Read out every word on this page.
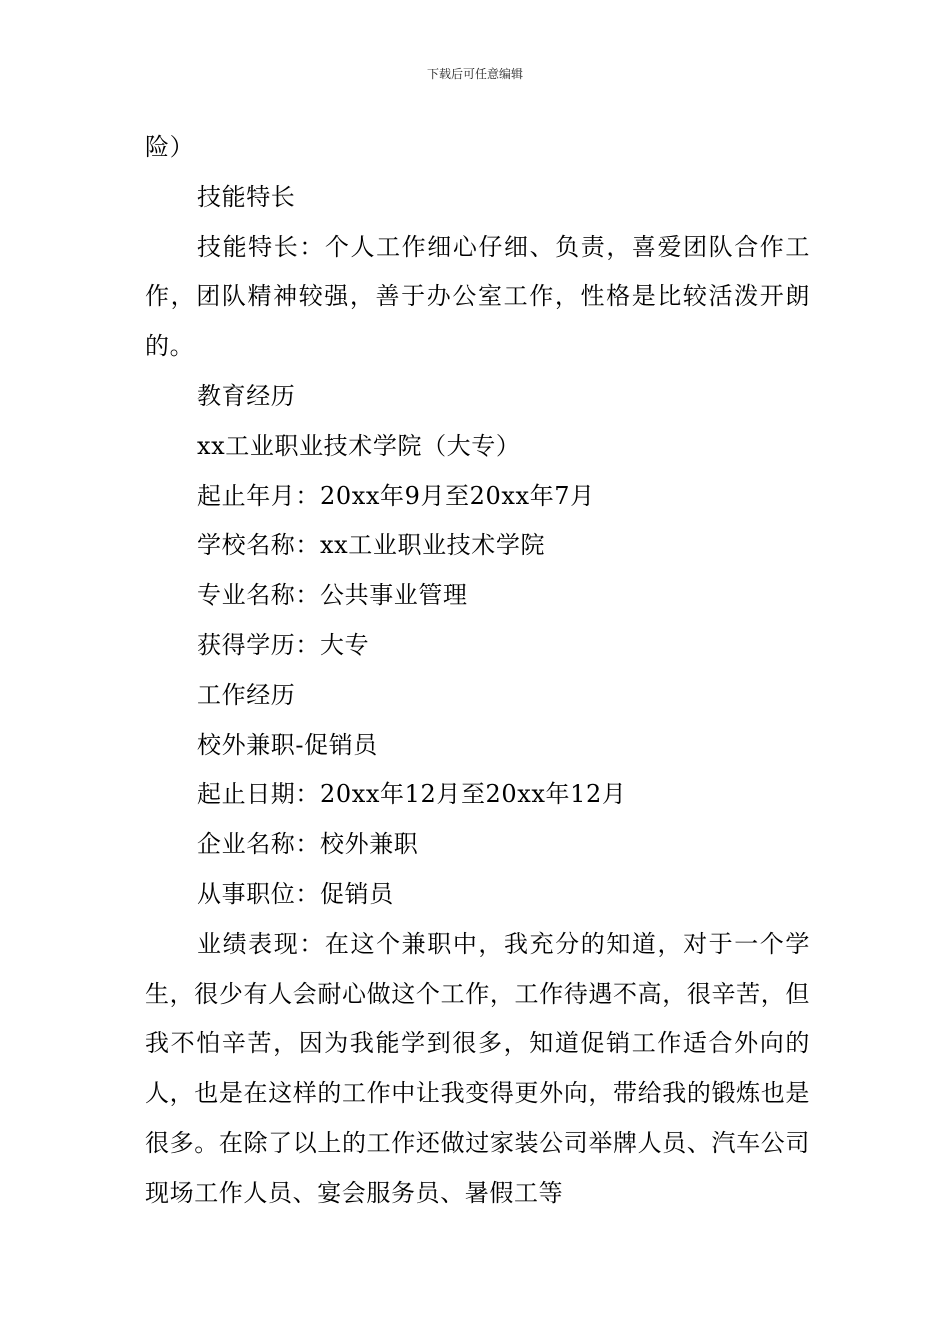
下载后可任意编辑

险）

技能特长

技能特长：个人工作细心仔细、负责，喜爱团队合作工作，团队精神较强，善于办公室工作，性格是比较活泼开朗的。

教育经历

xx工业职业技术学院（大专）

起止年月：20xx年9月至20xx年7月

学校名称：xx工业职业技术学院

专业名称：公共事业管理

获得学历：大专

工作经历

校外兼职-促销员

起止日期：20xx年12月至20xx年12月

企业名称：校外兼职

从事职位：促销员

业绩表现：在这个兼职中，我充分的知道，对于一个学生，很少有人会耐心做这个工作，工作待遇不高，很辛苦，但我不怕辛苦，因为我能学到很多，知道促销工作适合外向的人，也是在这样的工作中让我变得更外向，带给我的锻炼也是很多。在除了以上的工作还做过家装公司举牌人员、汽车公司现场工作人员、宴会服务员、暑假工等
